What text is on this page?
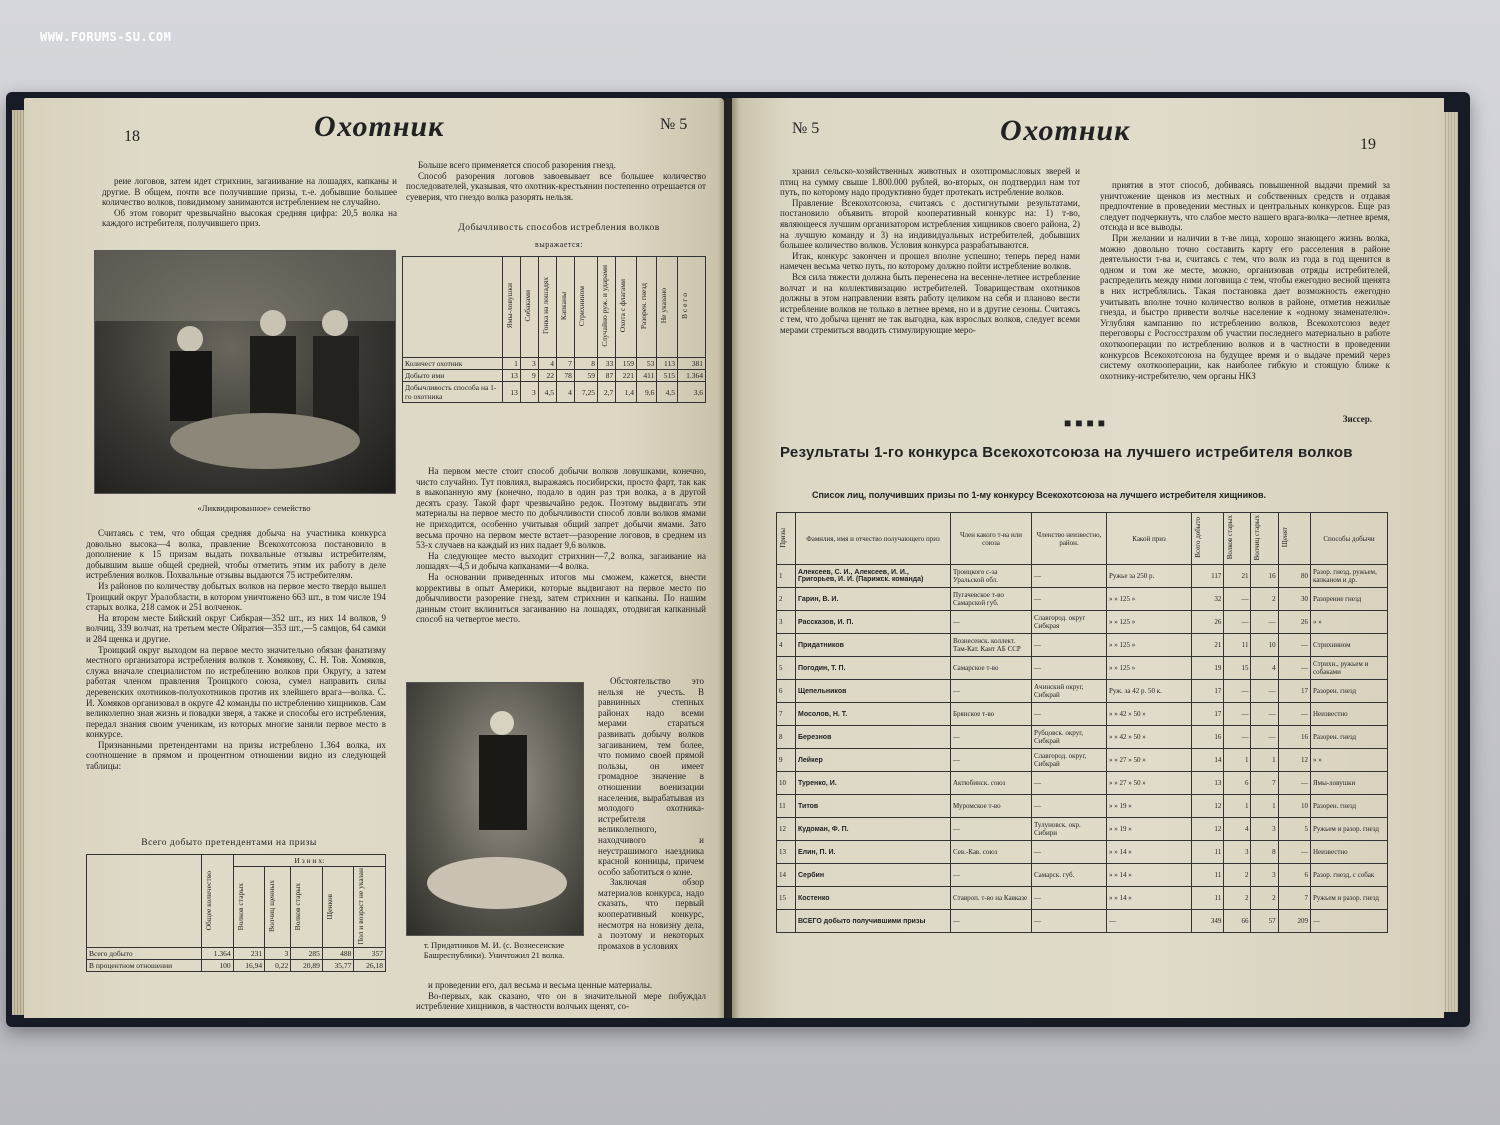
WWW.FORUMS-SU.COM
18	Охотник	№ 5

реие логовов, затем идет стрихнин, загаиивание на лошадях, капканы и другие. В общем, почти все получившие призы, т.-е. добывшие большее количество волков, повидимому занимаются истреблением не случайно.

Об этом говорит чрезвычайно высокая средняя цифра: 20,5 волка на каждого истребителя, получившего приз.

«Ликвидированное» семейство

Считаясь с тем, что общая средняя добыча на участника конкурса довольно высока—4 волка, правление Всекохотсоюза постановило в дополнение к 15 призам выдать похвальные отзывы истребителям, добывшим выше общей средней, чтобы отметить этим их работу в деле истребления волков. Похвальные отзывы выдаются 75 истребителям.

Из районов по количеству добытых волков на первое место твердо вышел Троицкий округ Уралобласти, в котором уничтожено 663 шт., в том числе 194 старых волка, 218 самок и 251 волченок.

На втором месте Бийский округ Сибкрая—352 шт., из них 14 волков, 9 волчиц, 339 волчат, на третьем месте Ойратия—353 шт.,—5 самцов, 64 самки и 284 щенка и другие.

Троицкий округ выходом на первое место значительно обязан фанатизму местного организатора истребления волков т. Хомякову, С. Н. Тов. Хомяков, служа вначале специалистом по истреблению волков при Округу, а затем работая членом правления Троицкого союза, сумел направить силы деревенских охотников-полуохотников против их злейшего врага—волка. С. И. Хомяков организовал в округе 42 команды по истреблению хищников. Сам великолепно зная жизнь и повадки зверя, а также и способы его истребления, передал знания своим ученикам, из которых многие заняли первое место в конкурсе.

Признанными претендентами на призы истреблено 1.364 волка, их соотношение в прямом и процентном отношении видно из следующей таблицы:

Всего добыто претендентами на призы
	Общее количество	И з н и х:				
		Волков старых	Волчиц щенных	Волков старых	Щенков	Пол и возраст не указан
Всего добыто	1.364	231	3	285	488	357
В процентном отношении	100	16,94	0,22	20,89	35,77	26,18

Больше всего применяется способ разорения гнезд.

Способ разорения логовов завоевывает все большее количество последователей, указывая, что охотник-крестьянин постепенно отрешается от суеверия, что гнездо волка разорять нельзя.

Добычливость способов истребления волков
выражается:
	Ямы-ловушки	Собаками	Гонка на лошадях	Капканы	Стрихнином	Случайно руж. и ударами	Охота с флагами	Разорен. гнезд	Не указано	В с е г о
Количест охотник	1	3	4	7	8	33	159	53	113	381
Добыто ими	13	9	22	78	59	87	221	411	515	1.364
Добычливость способа на 1-го охотника	13	3	4,5	4	7,25	2,7	1,4	9,6	4,5	3,6

На первом месте стоит способ добычи волков ловушками, конечно, чисто случайно. Тут повлиял, выражаясь посибирски, просто фарт, так как в выкопанную яму (конечно, подало в один раз три волка, а в другой десять сразу. Такой фарт чрезвычайно редок. Поэтому выдвигать эти материалы на первое место по добычливости способ ловли волков ямами не приходится, особенно учитывая общий запрет добычи ямами. Зато весьма прочно на первом месте встает—разорение логовов, в среднем из 53-х случаев на каждый из них падает 9,6 волков.

На следующее место выходит стрихнин—7,2 волка, загаивание на лошадях—4,5 и добыча капканами—4 волка.

На основании приведенных итогов мы сможем, кажется, внести коррективы в опыт Америки, которые выдвигают на первое место по добычливости разорение гнезд, затем стрихнин и капканы. По нашим данным стоит вклиниться загаиванию на лошадях, отодвигая капканный способ на четвертое место.

т. Придатников М. И. (с. Вознесенские Башреспублики). Уничтожил 21 волка.

Обстоятельство это нельзя не учесть. В равнинных степных районах надо всеми мерами стараться развивать добычу волков загаиванием, тем более, что помимо своей прямой пользы, он имеет громадное значение в отношении военизации населения, вырабатывая из молодого охотника-истребителя великолепного, находчивого и неустрашимого наездника красной конницы, причем особо заботиться о коне.

Заключая обзор материалов конкурса, надо сказать, что первый кооперативный конкурс, несмотря на новизну дела, а поэтому и некоторых промахов в условиях

и проведении его, дал весьма и весьма ценные материалы.

Во-первых, как сказано, что он в значительной мере побуждал истребление хищников, в частности волчьих щенят, со-

№ 5	Охотник	19

хранил сельско-хозяйственных животных и охотпромысловых зверей и птиц на сумму свыше 1.800.000 рублей, во-вторых, он подтвердил нам тот путь, по которому надо продуктивно будет протекать истребление волков.

Правление Всекохотсоюза, считаясь с достигнутыми результатами, постановило объявить второй кооперативный конкурс на: 1) т-во, являющееся лучшим организатором истребления хищников своего района, 2) на лучшую команду и 3) на индивидуальных истребителей, добывших большее количество волков. Условия конкурса разрабатываются.

Итак, конкурс закончен и прошел вполне успешно; теперь перед нами намечен весьма четко путь, по которому должно пойти истребление волков.

Вся сила тяжести должна быть перенесена на весенне-летнее истребление волчат и на коллективизацию истребителей. Товариществам охотников должны в этом направлении взять работу целиком на себя и планово вести истребление волков не только в летнее время, но и в другие сезоны. Считаясь с тем, что добыча щенят не так выгодна, как взрослых волков, следует всеми мерами стремиться вводить стимулирующие меро-

приятия в этот способ, добиваясь повышенной выдачи премий за уничтожение щенков из местных и собственных средств и отдавая предпочтение в проведении местных и центральных конкурсов. Еще раз следует подчеркнуть, что слабое место нашего врага-волка—летнее время, отсюда и все выводы.

При желании и наличии в т-ве лица, хорошо знающего жизнь волка, можно довольно точно составить карту его расселения в районе деятельности т-ва и, считаясь с тем, что волк из года в год щенится в одном и том же месте, можно, организовав отряды истребителей, распределить между ними логовища с тем, чтобы ежегодно весной щенята в них истреблялись. Такая постановка дает возможность ежегодно учитывать вполне точно количество волков в районе, отметив нежилые гнезда, и быстро привести волчье население к «одному знаменателю». Углубляя кампанию по истреблению волков, Всекохотсоюз ведет переговоры с Росгосстрахом об участии последнего материально в работе охоткооперации по истреблению волков и в частности в проведении конкурсов Всекохотсоюза на будущее время и о выдаче премий через систему охоткооперации, как наиболее гибкую и стоящую ближе к охотнику-истребителю, чем органы НКЗ

Зиссер.
■■■■
Результаты 1-го конкурса Всекохотсоюза на лучшего истребителя волков
Список лиц, получивших призы по 1-му конкурсу Всекохотсоюза на лучшего истребителя хищников.
Призы	Фамилия, имя и отчество получающего приз	Член какого т-ва или союза	Членство неизвестно, район.	Какой приз	Всего добыто	Волков старых	Волчиц старых	Щенят	Способы добычи
1	Алексеев, С. И., Алексеев, И. И., Григорьев, И. И. (Парижск. команда)	Троицкого с-за Уральской обл.	—	Ружье за 250 р.	117	21	16	80	Разор. гнезд, ружьем, капканом и др.
2	Гарин, В. И.	Пугачевское т-во Самарской губ.	—	» » 125 »	32	—	2	30	Разорение гнезд
3	Рассказов, И. П.	—	Славгород. округ Сибкрая	» » 125 »	26	—	—	26	» »
4	Придатников	Вознесенск. коллект. Там-Кат. Кант АБ ССР	—	» » 125 »	21	11	10	—	Стрихнином
5	Погодин, Т. П.	Самарское т-во	—	» » 125 »	19	15	4	—	Стрихн., ружьем и собаками
6	Щепельников	—	Ачинский округ, Сибкрай	Руж. за 42 р. 50 к.	17	—	—	17	Разорен. гнезд
7	Мосолов, Н. Т.	Брянское т-во	—	» » 42 » 50 »	17	—	—	—	Неизвестно
8	Березнов	—	Рубцовск. округ, Сибкрай	» » 42 » 50 »	16	—	—	16	Разорен. гнезд
9	Лейкер	—	Славгород. округ, Сибкрай	» » 27 » 50 »	14	1	1	12	» »
10	Туренко, И.	Актюбинск. союз	—	» » 27 » 50 »	13	6	7	—	Ямы-ловушки
11	Титов	Муромское т-во	—	» » 19 »	12	1	1	10	Разорен. гнезд
12	Кудоман, Ф. П.	—	Тулуновск. окр. Сибири	» » 19 »	12	4	3	5	Ружьем и разор. гнезд
13	Елин, П. И.	Сев.-Кав. союз	—	» » 14 »	11	3	8	—	Неизвестно
14	Сербин	—	Самарск. губ.	» » 14 »	11	2	3	6	Разор. гнезд, с собак
15	Костенко	Ставроп. т-во на Кавказе	—	» » 14 »	11	2	2	7	Ружьем и разор. гнезд
	ВСЕГО добыто получившими призы	—	—	—	349	66	57	209	—
